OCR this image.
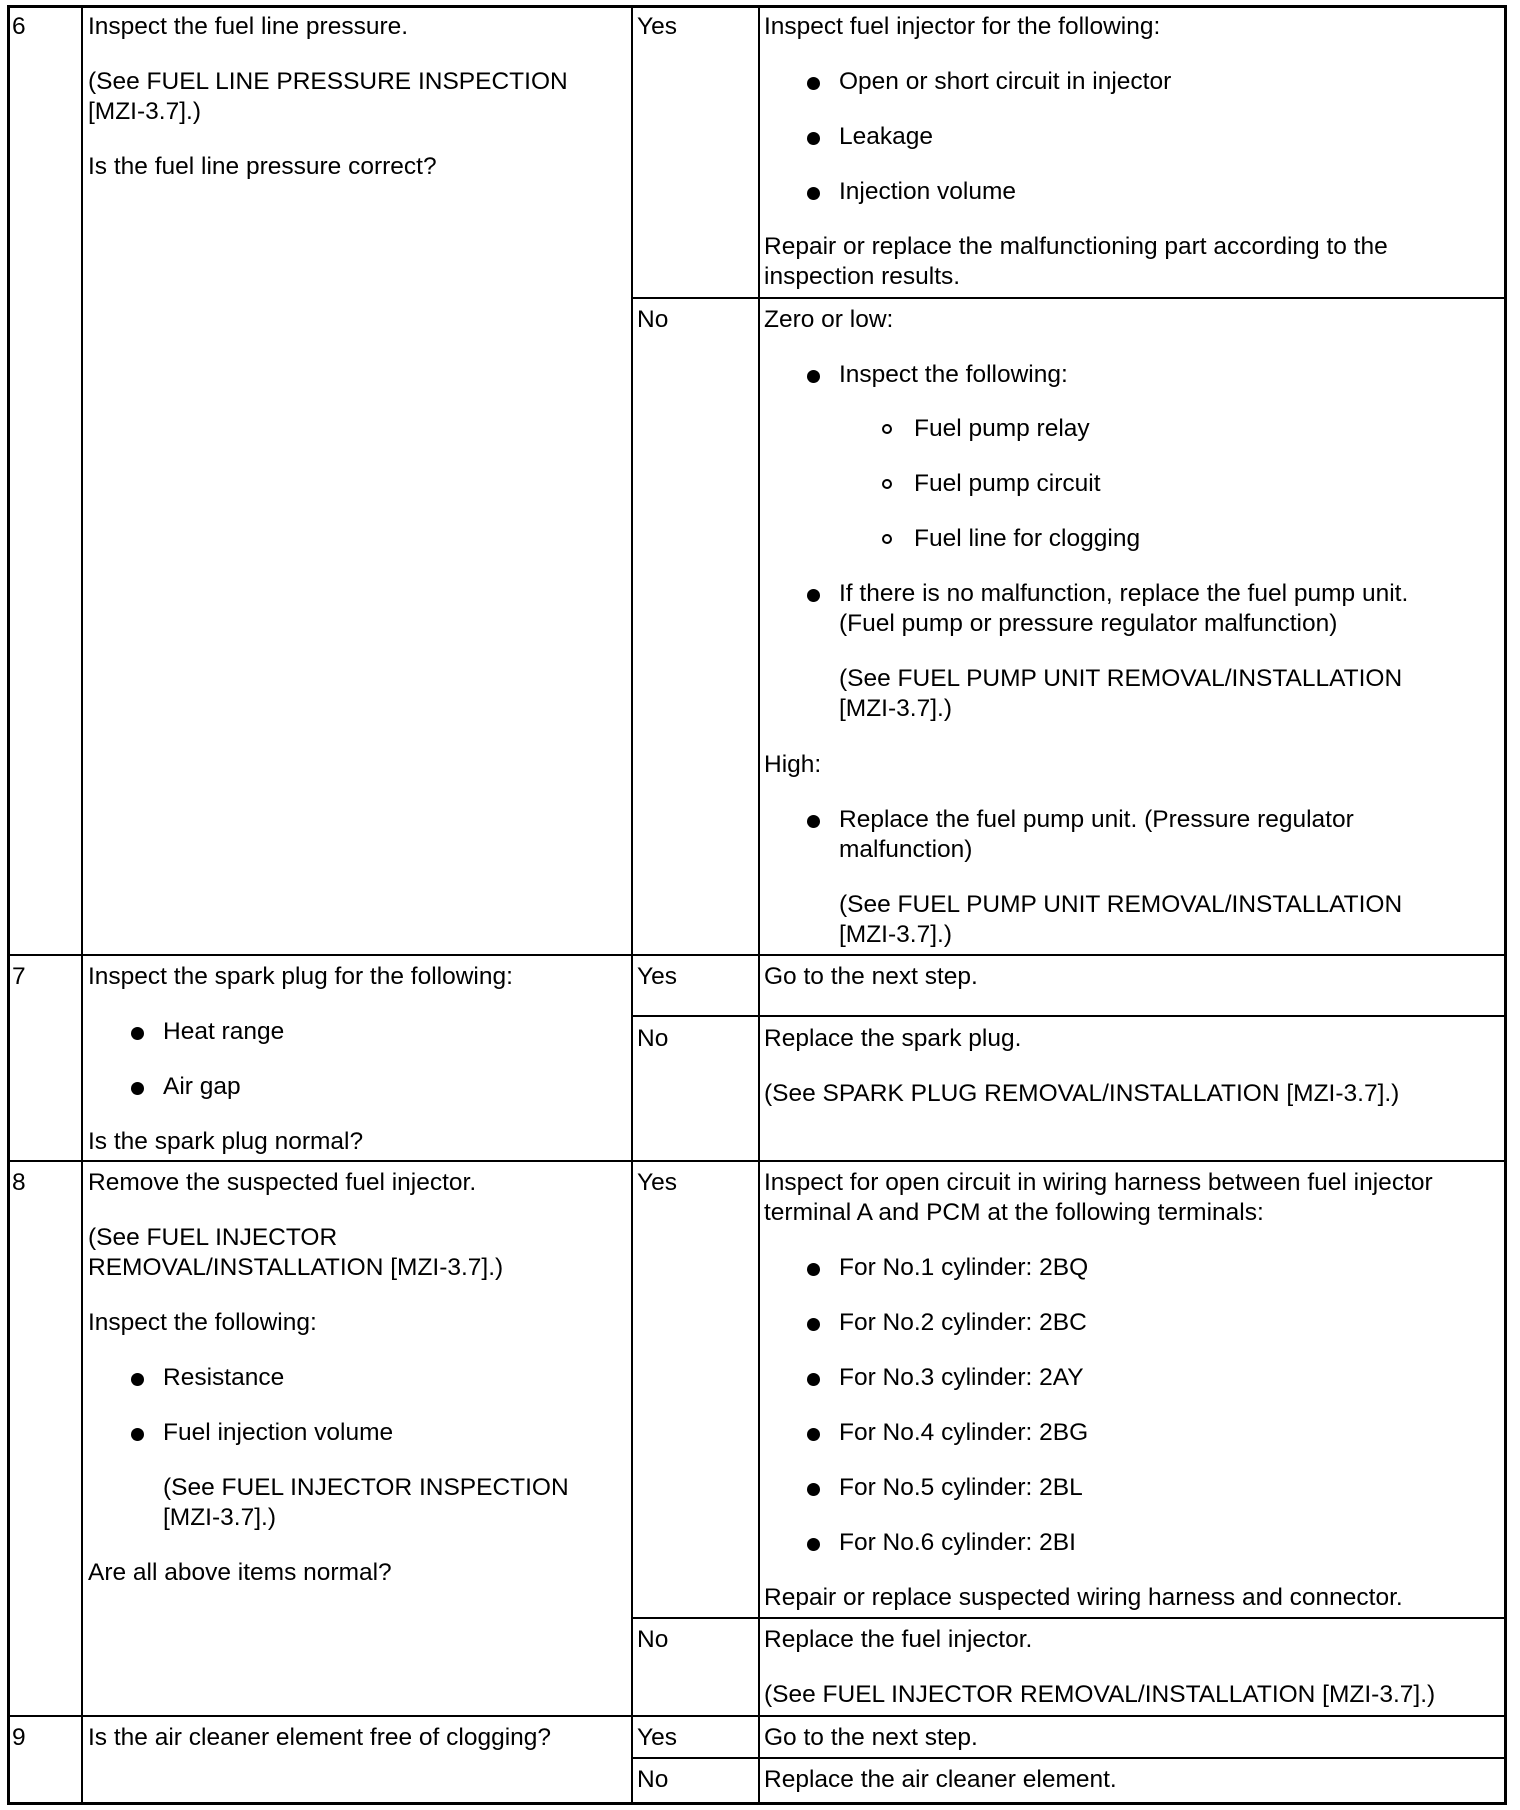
6	Inspect the fuel line pressure.
(See FUEL LINE PRESSURE INSPECTION
[MZI-3.7].)
Is the fuel line pressure correct?
Yes	Inspect fuel injector for the following:
Open or short circuit in injector
Leakage
Injection volume
Repair or replace the malfunctioning part according to the
inspection results.
No	Zero or low:
Inspect the following:
Fuel pump relay
Fuel pump circuit
Fuel line for clogging
If there is no malfunction, replace the fuel pump unit.
(Fuel pump or pressure regulator malfunction)
(See FUEL PUMP UNIT REMOVAL/INSTALLATION
[MZI-3.7].)
High:
Replace the fuel pump unit. (Pressure regulator
malfunction)
(See FUEL PUMP UNIT REMOVAL/INSTALLATION
[MZI-3.7].)
7	Inspect the spark plug for the following:
Heat range
Air gap
Is the spark plug normal?
Yes	Go to the next step.
No	Replace the spark plug.
(See SPARK PLUG REMOVAL/INSTALLATION [MZI-3.7].)
8	Remove the suspected fuel injector.
(See FUEL INJECTOR
REMOVAL/INSTALLATION [MZI-3.7].)
Inspect the following:
Resistance
Fuel injection volume
(See FUEL INJECTOR INSPECTION
[MZI-3.7].)
Are all above items normal?
Yes	Inspect for open circuit in wiring harness between fuel injector
terminal A and PCM at the following terminals:
For No.1 cylinder: 2BQ
For No.2 cylinder: 2BC
For No.3 cylinder: 2AY
For No.4 cylinder: 2BG
For No.5 cylinder: 2BL
For No.6 cylinder: 2BI
Repair or replace suspected wiring harness and connector.
No	Replace the fuel injector.
(See FUEL INJECTOR REMOVAL/INSTALLATION [MZI-3.7].)
9	Is the air cleaner element free of clogging?	Yes	Go to the next step.
No	Replace the air cleaner element.
